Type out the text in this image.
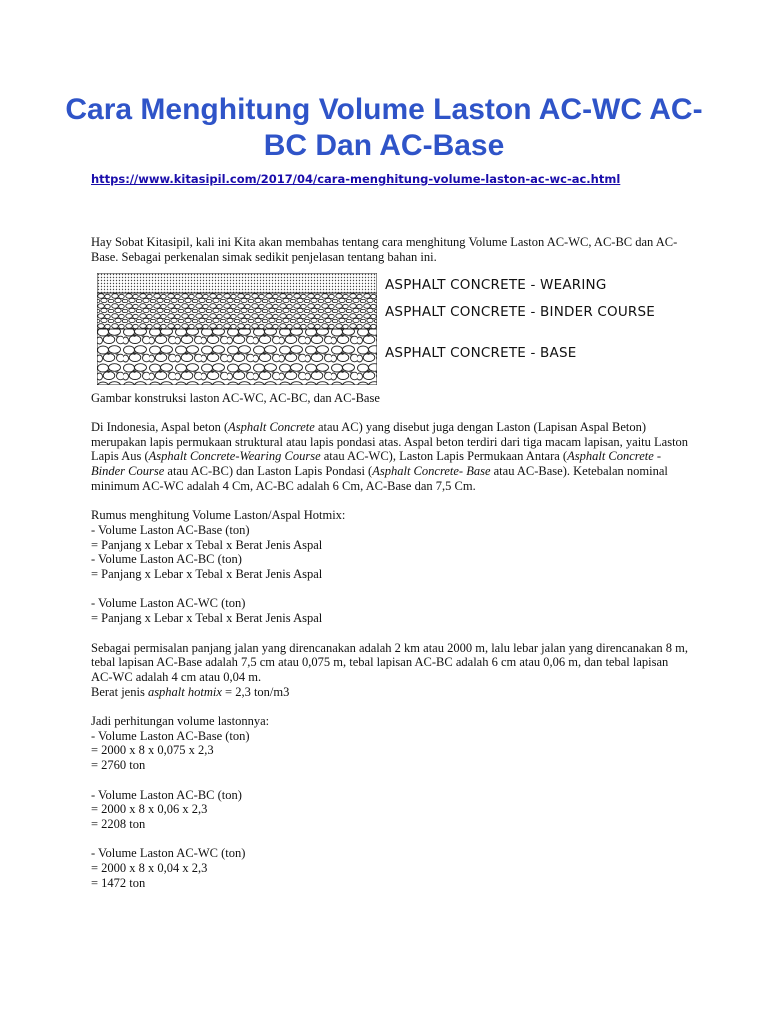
Cara Menghitung Volume Laston AC-WC AC-BC Dan AC-Base
https://www.kitasipil.com/2017/04/cara-menghitung-volume-laston-ac-wc-ac.html

Hay Sobat Kitasipil, kali ini Kita akan membahas tentang cara menghitung Volume Laston AC-WC, AC-BC dan AC-Base. Sebagai perkenalan simak sedikit penjelasan tentang bahan ini.

ASPHALT CONCRETE - WEARING
ASPHALT CONCRETE - BINDER COURSE
ASPHALT CONCRETE - BASE

Gambar konstruksi laston AC-WC, AC-BC, dan AC-Base

Di Indonesia, Aspal beton (Asphalt Concrete atau AC) yang disebut juga dengan Laston (Lapisan Aspal Beton) merupakan lapis permukaan struktural atau lapis pondasi atas. Aspal beton terdiri dari tiga macam lapisan, yaitu Laston Lapis Aus (Asphalt Concrete-Wearing Course atau AC-WC), Laston Lapis Permukaan Antara (Asphalt Concrete - Binder Course atau AC-BC) dan Laston Lapis Pondasi (Asphalt Concrete- Base atau AC-Base). Ketebalan nominal minimum AC-WC adalah 4 Cm, AC-BC adalah 6 Cm, AC-Base dan 7,5 Cm.

Rumus menghitung Volume Laston/Aspal Hotmix:

- Volume Laston AC-Base (ton)

= Panjang x Lebar x Tebal x Berat Jenis Aspal

- Volume Laston AC-BC (ton)

= Panjang x Lebar x Tebal x Berat Jenis Aspal

- Volume Laston AC-WC (ton)

= Panjang x Lebar x Tebal x Berat Jenis Aspal

Sebagai permisalan panjang jalan yang direncanakan adalah 2 km atau 2000 m, lalu lebar jalan yang direncanakan 8 m, tebal lapisan AC-Base adalah 7,5 cm atau 0,075 m, tebal lapisan AC-BC adalah 6 cm atau 0,06 m, dan tebal lapisan AC-WC adalah 4 cm atau 0,04 m.

Berat jenis asphalt hotmix = 2,3 ton/m3

Jadi perhitungan volume lastonnya:

- Volume Laston AC-Base (ton)

= 2000 x 8 x 0,075 x 2,3

= 2760 ton

- Volume Laston AC-BC (ton)

= 2000 x 8 x 0,06 x 2,3

= 2208 ton

- Volume Laston AC-WC (ton)

= 2000 x 8 x 0,04 x 2,3

= 1472 ton
